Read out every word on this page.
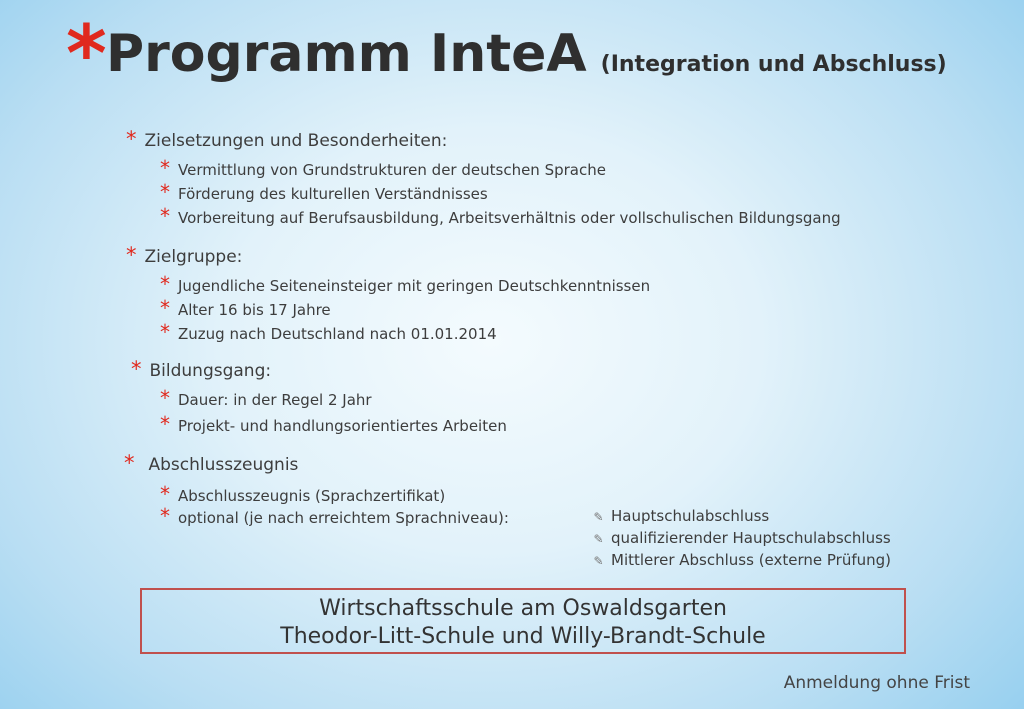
* Programm InteA (Integration und Abschluss)
* Zielsetzungen und Besonderheiten:
* Vermittlung von Grundstrukturen der deutschen Sprache
* Förderung des kulturellen Verständnisses
* Vorbereitung auf Berufsausbildung, Arbeitsverhältnis oder vollschulischen Bildungsgang
* Zielgruppe:
* Jugendliche Seiteneinsteiger mit geringen Deutschkenntnissen
* Alter 16 bis 17 Jahre
* Zuzug nach Deutschland nach 01.01.2014
* Bildungsgang:
* Dauer: in der Regel 2 Jahr
* Projekt- und handlungsorientiertes Arbeiten
* Abschlusszeugnis
* Abschlusszeugnis (Sprachzertifikat)
* optional (je nach erreichtem Sprachniveau):	✎ Hauptschulabschluss
✎ qualifizierender Hauptschulabschluss
✎ Mittlerer Abschluss (externe Prüfung)
Wirtschaftsschule am Oswaldsgarten
Theodor-Litt-Schule und Willy-Brandt-Schule
Anmeldung ohne Frist
